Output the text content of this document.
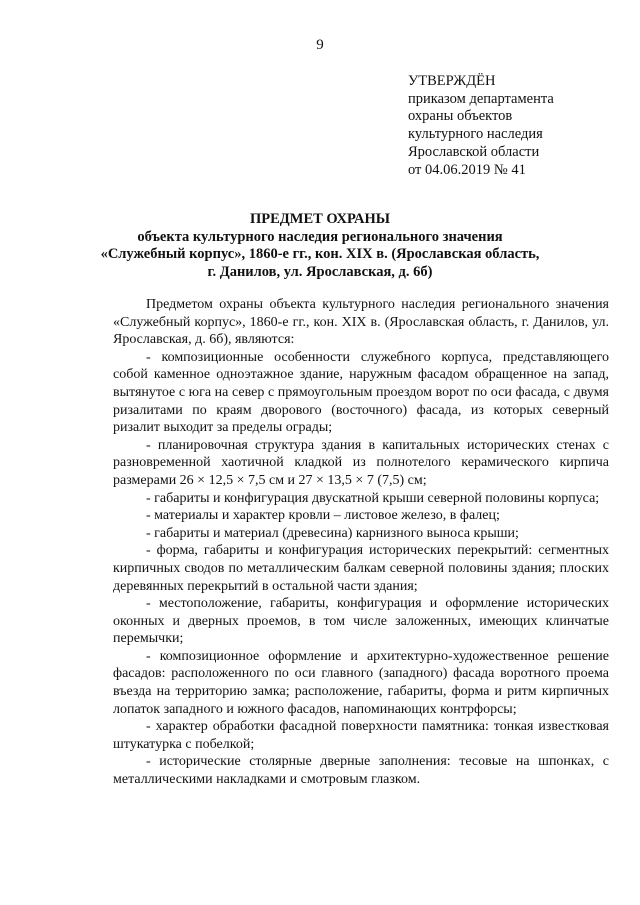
9
УТВЕРЖДЁН
приказом департамента
охраны объектов
культурного наследия
Ярославской области
от 04.06.2019 № 41
ПРЕДМЕТ ОХРАНЫ
объекта культурного наследия регионального значения
«Служебный корпус», 1860-е гг., кон. XIX в. (Ярославская область,
г. Данилов, ул. Ярославская, д. 6б)

Предметом охраны объекта культурного наследия регионального значения «Служебный корпус», 1860-е гг., кон. XIX в. (Ярославская область, г. Данилов, ул. Ярославская, д. 6б), являются:

- композиционные особенности служебного корпуса, представляющего собой каменное одноэтажное здание, наружным фасадом обращенное на запад, вытянутое с юга на север с прямоугольным проездом ворот по оси фасада, с двумя ризалитами по краям дворового (восточного) фасада, из которых северный ризалит выходит за пределы ограды;

- планировочная структура здания в капитальных исторических стенах с разновременной хаотичной кладкой из полнотелого керамического кирпича размерами 26 × 12,5 × 7,5 см и 27 × 13,5 × 7 (7,5) см;

- габариты и конфигурация двускатной крыши северной половины корпуса;

- материалы и характер кровли – листовое железо, в фалец;

- габариты и материал (древесина) карнизного выноса крыши;

- форма, габариты и конфигурация исторических перекрытий: сегментных кирпичных сводов по металлическим балкам северной половины здания; плоских деревянных перекрытий в остальной части здания;

- местоположение, габариты, конфигурация и оформление исторических оконных и дверных проемов, в том числе заложенных, имеющих клинчатые перемычки;

- композиционное оформление и архитектурно-художественное решение фасадов: расположенного по оси главного (западного) фасада воротного проема въезда на территорию замка; расположение, габариты, форма и ритм кирпичных лопаток западного и южного фасадов, напоминающих контрфорсы;

- характер обработки фасадной поверхности памятника: тонкая известковая штукатурка с побелкой;

- исторические столярные дверные заполнения: тесовые на шпонках, с металлическими накладками и смотровым глазком.
